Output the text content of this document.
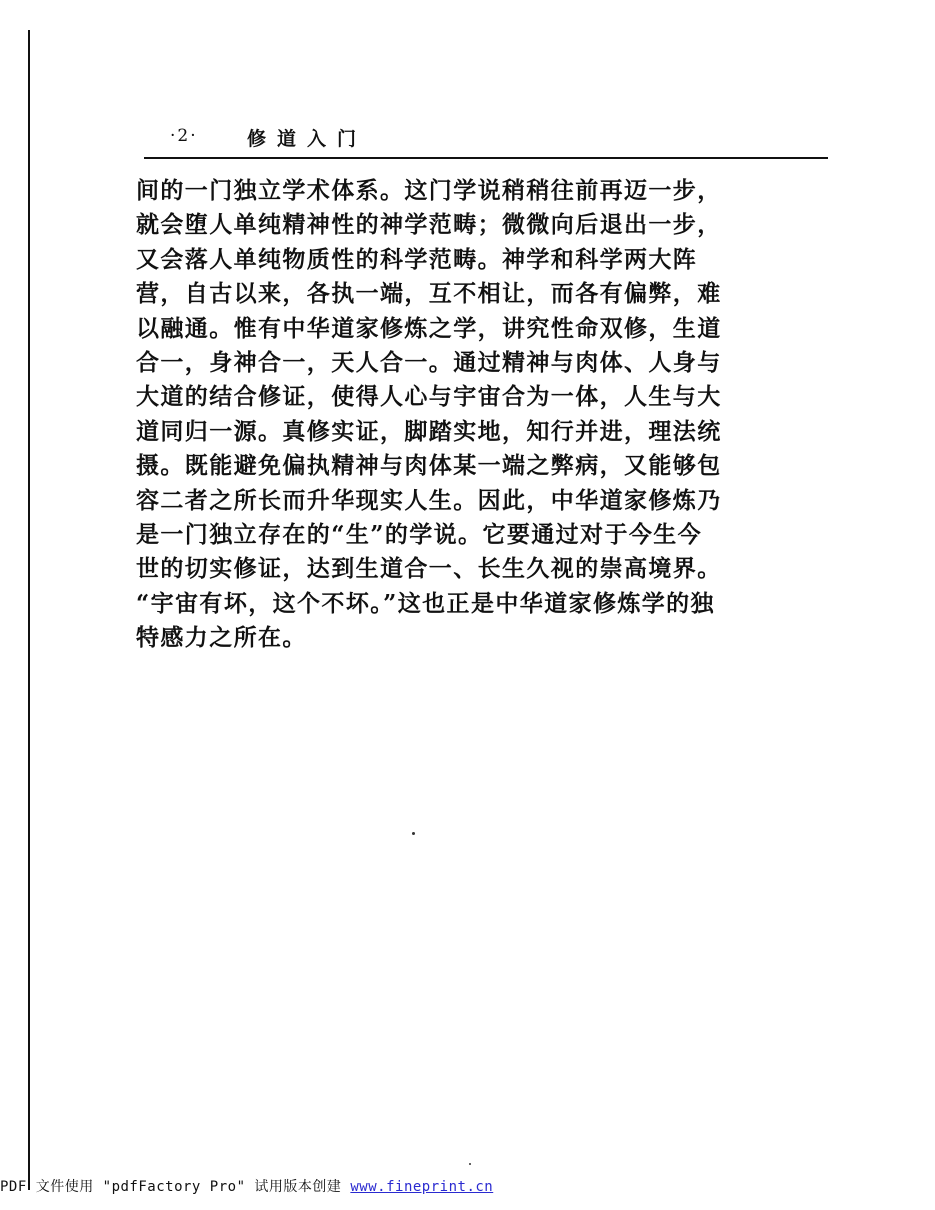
·2·	修道入门
间的一门独立学术体系。这门学说稍稍往前再迈一步，
就会堕人单纯精神性的神学范畴；微微向后退出一步，
又会落人单纯物质性的科学范畴。神学和科学两大阵
营，自古以来，各执一端，互不相让，而各有偏弊，难
以融通。惟有中华道家修炼之学，讲究性命双修，生道
合一，身神合一，天人合一。通过精神与肉体、人身与
大道的结合修证，使得人心与宇宙合为一体，人生与大
道同归一源。真修实证，脚踏实地，知行并进，理法统
摄。既能避免偏执精神与肉体某一端之弊病，又能够包
容二者之所长而升华现实人生。因此，中华道家修炼乃
是一门独立存在的“生”的学说。它要通过对于今生今
世的切实修证，达到生道合一、长生久视的崇高境界。
“宇宙有坏，这个不坏。”这也正是中华道家修炼学的独
特感力之所在。
PDF 文件使用 "pdfFactory Pro" 试用版本创建 www.fineprint.cn
